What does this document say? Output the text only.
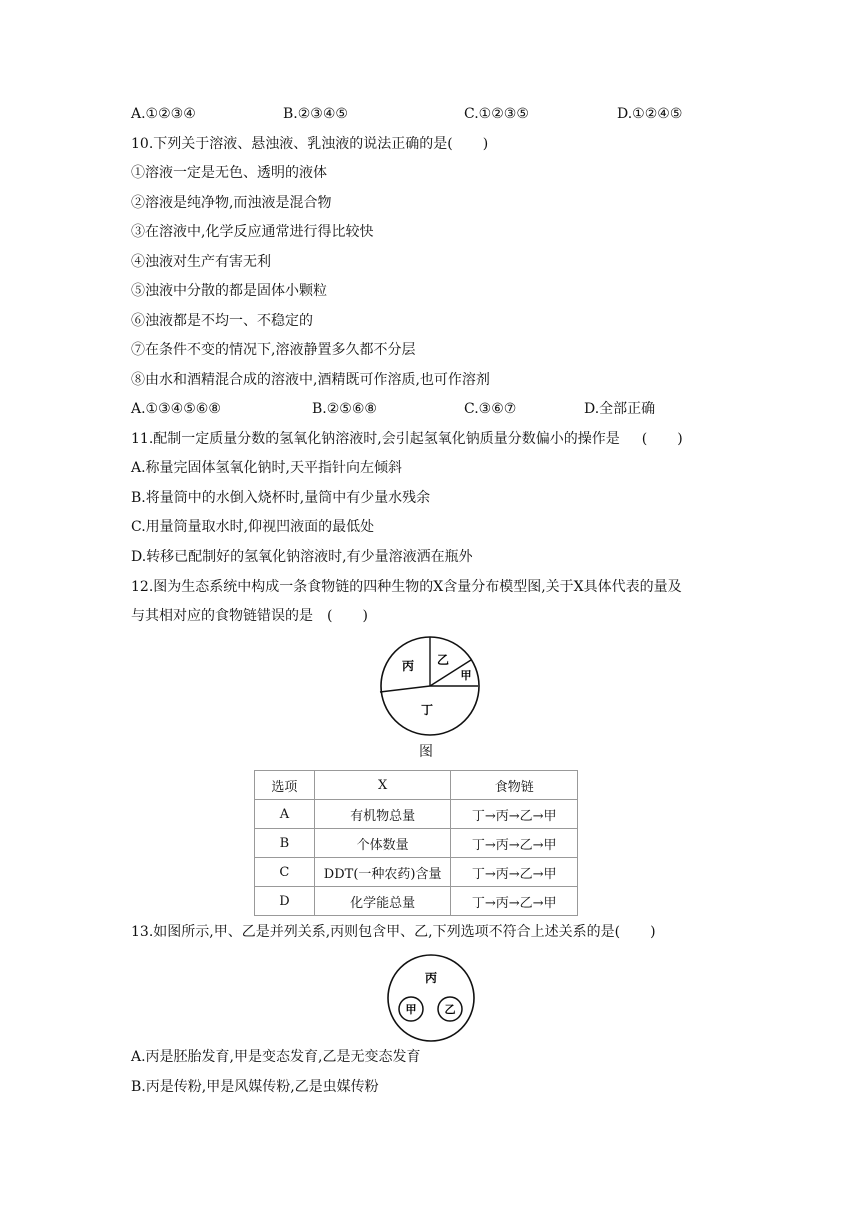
A.①②③④	B.②③④⑤	C.①②③⑤	D.①②④⑤
10.下列关于溶液、悬浊液、乳浊液的说法正确的是( )
①溶液一定是无色、透明的液体
②溶液是纯净物,而浊液是混合物
③在溶液中,化学反应通常进行得比较快
④浊液对生产有害无利
⑤浊液中分散的都是固体小颗粒
⑥浊液都是不均一、不稳定的
⑦在条件不变的情况下,溶液静置多久都不分层
⑧由水和酒精混合成的溶液中,酒精既可作溶质,也可作溶剂
A.①③④⑤⑥⑧	B.②⑤⑥⑧	C.③⑥⑦	D.全部正确
11.配制一定质量分数的氢氧化钠溶液时,会引起氢氧化钠质量分数偏小的操作是 ( )
A.称量完固体氢氧化钠时,天平指针向左倾斜
B.将量筒中的水倒入烧杯时,量筒中有少量水残余
C.用量筒量取水时,仰视凹液面的最低处
D.转移已配制好的氢氧化钠溶液时,有少量溶液洒在瓶外
12.图为生态系统中构成一条食物链的四种生物的X含量分布模型图,关于X具体代表的量及
与其相对应的食物链错误的是 ( )
丙 乙
甲
丁
图
选项	X	食物链
A	有机物总量	丁→丙→乙→甲
B	个体数量	丁→丙→乙→甲
C	DDT(一种农药)含量	丁→丙→乙→甲
D	化学能总量	丁→丙→乙→甲
13.如图所示,甲、乙是并列关系,丙则包含甲、乙,下列选项不符合上述关系的是( )
丙
甲	乙
A.丙是胚胎发育,甲是变态发育,乙是无变态发育
B.丙是传粉,甲是风媒传粉,乙是虫媒传粉
